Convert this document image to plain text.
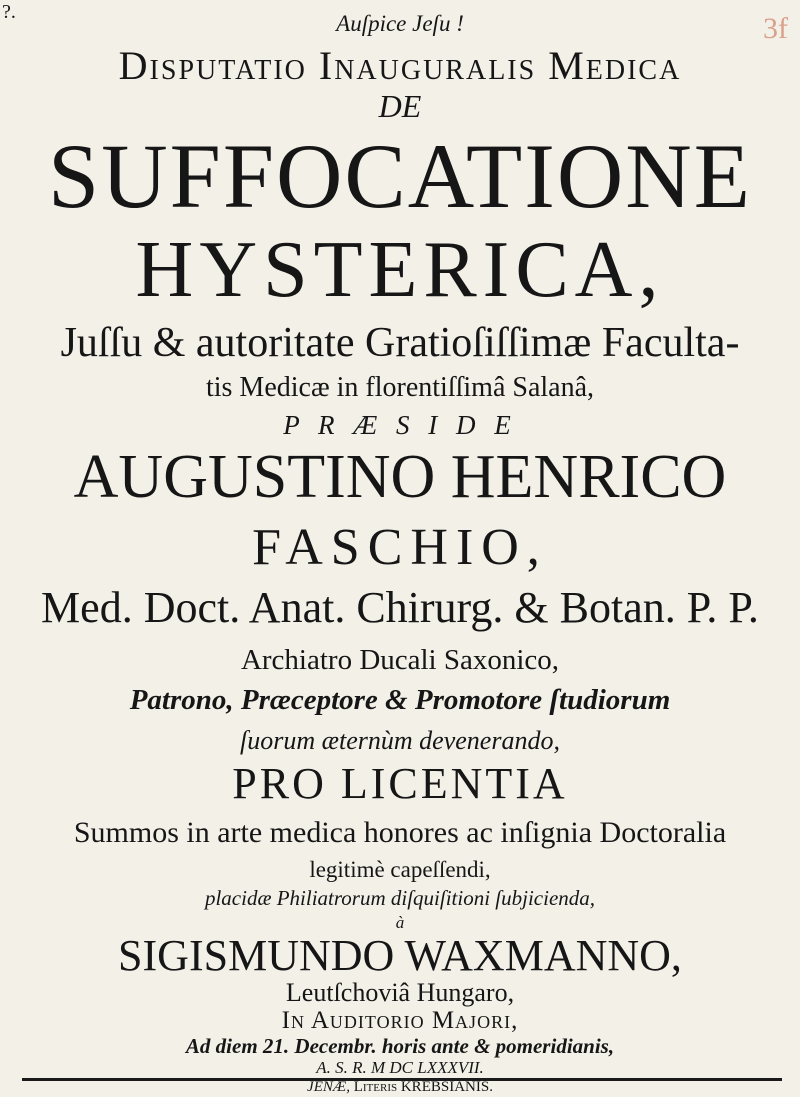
?.	3f
Auſpice Jeſu !
Disputatio Inauguralis Medica
DE
SUFFOCATIONE
HYSTERICA,
Juſſu & autoritate Gratioſiſſimæ Faculta-
tis Medicæ in florentiſſimâ Salanâ,
P R Æ S I D E
AUGUSTINO HENRICO
FASCHIO,
Med. Doct. Anat. Chirurg. & Botan. P. P.
Archiatro Ducali Saxonico,
Patrono, Præceptore & Promotore ſtudiorum
ſuorum æternùm devenerando,
PRO LICENTIA
Summos in arte medica honores ac inſignia Doctoralia
legitimè capeſſendi,
placidæ Philiatrorum diſquiſitioni ſubjicienda,
à
SIGISMUNDO WAXMANNO,
Leutſchoviâ Hungaro,
In Auditorio Majori,
Ad diem 21. Decembr. horis ante & pomeridianis,
A. S. R. M DC LXXXVII.
JENÆ, Literis KREBSIANIS.
